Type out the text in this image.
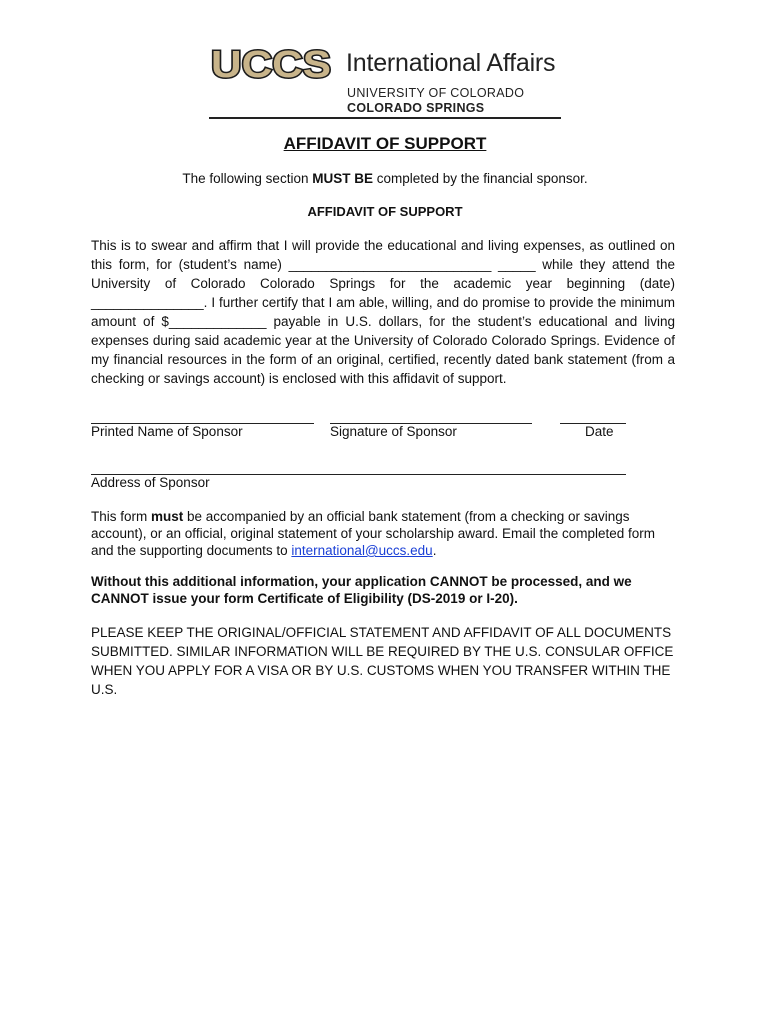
UCCS International Affairs
UNIVERSITY OF COLORADO
COLORADO SPRINGS
AFFIDAVIT OF SUPPORT
The following section MUST BE completed by the financial sponsor.
AFFIDAVIT OF SUPPORT
This is to swear and affirm that I will provide the educational and living expenses, as outlined on this form, for (student’s name) ___________________________ _____ while they attend the University of Colorado Colorado Springs for the academic year beginning (date) _______________. I further certify that I am able, willing, and do promise to provide the minimum amount of $_____________ payable in U.S. dollars, for the student’s educational and living expenses during said academic year at the University of Colorado Colorado Springs. Evidence of my financial resources in the form of an original, certified, recently dated bank statement (from a checking or savings account) is enclosed with this affidavit of support.
Printed Name of Sponsor	Signature of Sponsor	Date
Address of Sponsor
This form must be accompanied by an official bank statement (from a checking or savings account), or an official, original statement of your scholarship award. Email the completed form and the supporting documents to international@uccs.edu.
Without this additional information, your application CANNOT be processed, and we CANNOT issue your form Certificate of Eligibility (DS-2019 or I-20).
PLEASE KEEP THE ORIGINAL/OFFICIAL STATEMENT AND AFFIDAVIT OF ALL DOCUMENTS SUBMITTED. SIMILAR INFORMATION WILL BE REQUIRED BY THE U.S. CONSULAR OFFICE WHEN YOU APPLY FOR A VISA OR BY U.S. CUSTOMS WHEN YOU TRANSFER WITHIN THE U.S.
